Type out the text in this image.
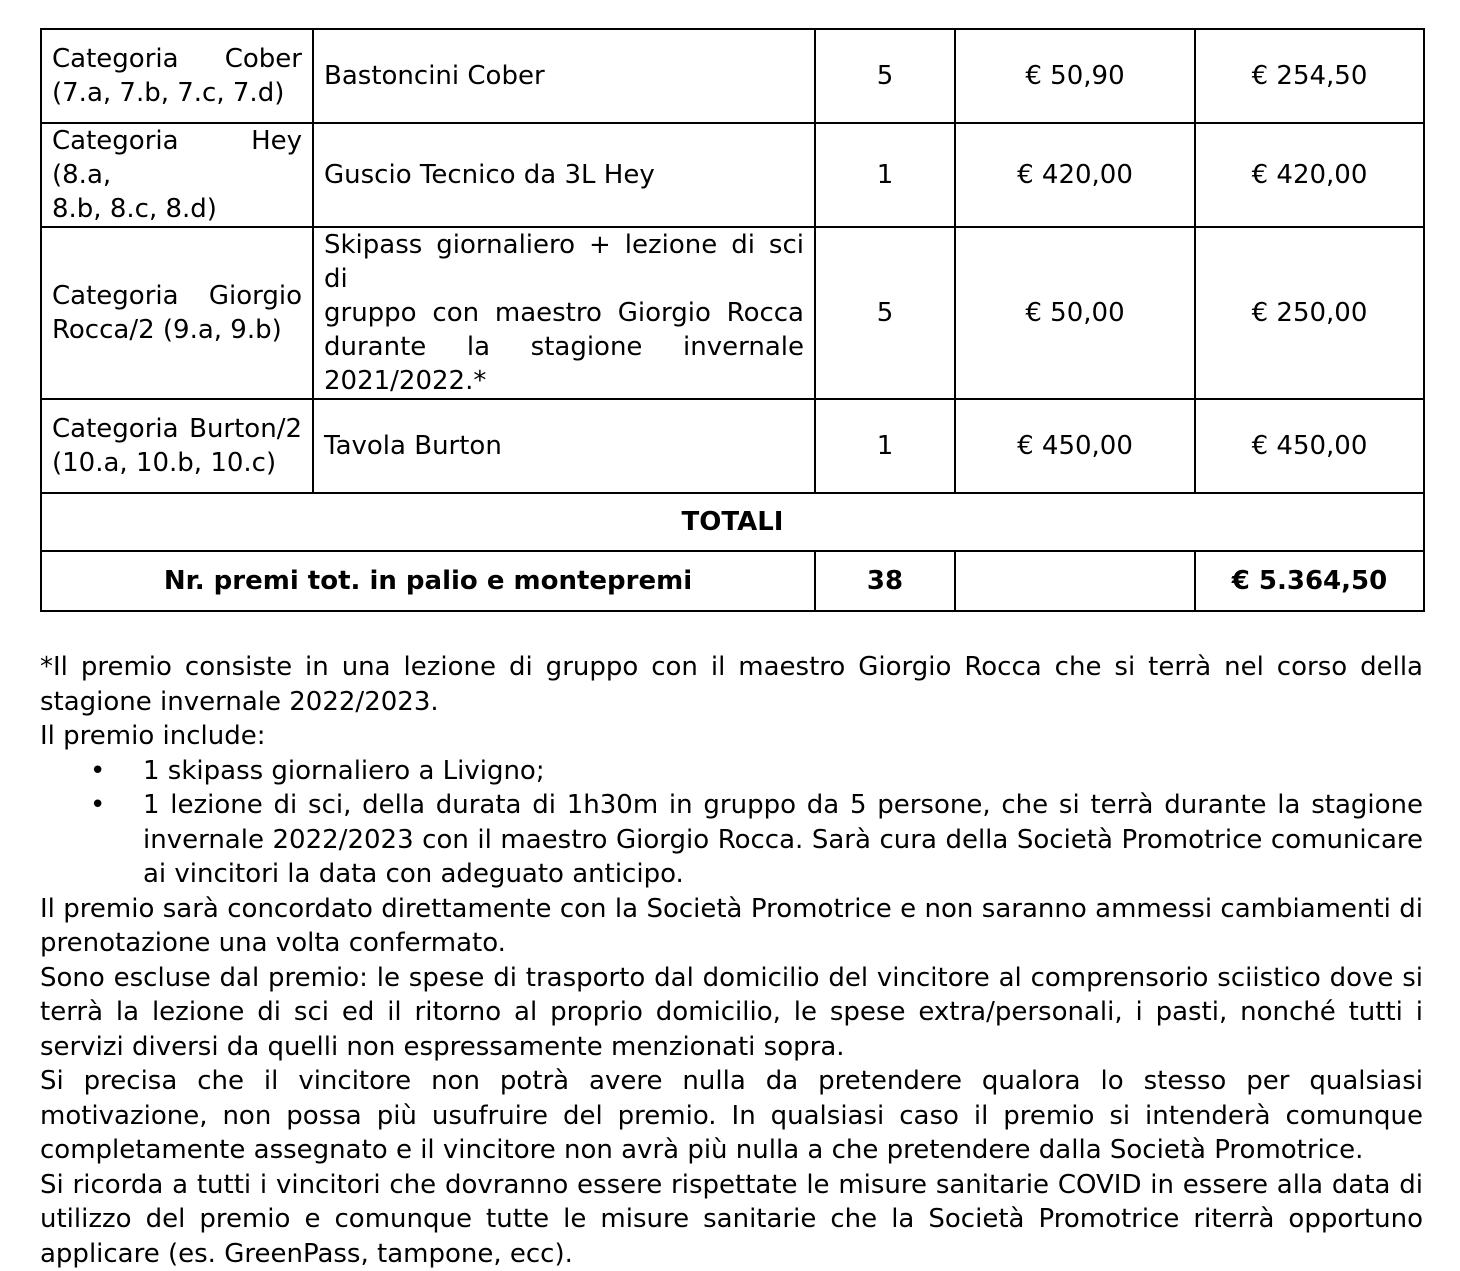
Categoria Cober
(7.a, 7.b, 7.c, 7.d)	Bastoncini Cober	5	€ 50,90	€ 254,50

Categoria Hey (8.a,
8.b, 8.c, 8.d)	Guscio Tecnico da 3L Hey	1	€ 420,00	€ 420,00

Categoria Giorgio
Rocca/2 (9.a, 9.b)	Skipass giornaliero + lezione di sci di
gruppo con maestro Giorgio Rocca
durante la stagione invernale
2021/2022.*	5	€ 50,00	€ 250,00

Categoria Burton/2
(10.a, 10.b, 10.c)	Tavola Burton	1	€ 450,00	€ 450,00
TOTALI				
Nr. premi tot. in palio e montepremi		38		€ 5.364,50

*Il premio consiste in una lezione di gruppo con il maestro Giorgio Rocca che si terrà nel corso della stagione invernale 2022/2023.

Il premio include:

• 1 skipass giornaliero a Livigno;
• 1 lezione di sci, della durata di 1h30m in gruppo da 5 persone, che si terrà durante la stagione invernale 2022/2023 con il maestro Giorgio Rocca. Sarà cura della Società Promotrice comunicare ai vincitori la data con adeguato anticipo.

Il premio sarà concordato direttamente con la Società Promotrice e non saranno ammessi cambiamenti di prenotazione una volta confermato.

Sono escluse dal premio: le spese di trasporto dal domicilio del vincitore al comprensorio sciistico dove si terrà la lezione di sci ed il ritorno al proprio domicilio, le spese extra/personali, i pasti, nonché tutti i servizi diversi da quelli non espressamente menzionati sopra.

Si precisa che il vincitore non potrà avere nulla da pretendere qualora lo stesso per qualsiasi motivazione, non possa più usufruire del premio. In qualsiasi caso il premio si intenderà comunque completamente assegnato e il vincitore non avrà più nulla a che pretendere dalla Società Promotrice.

Si ricorda a tutti i vincitori che dovranno essere rispettate le misure sanitarie COVID in essere alla data di utilizzo del premio e comunque tutte le misure sanitarie che la Società Promotrice riterrà opportuno applicare (es. GreenPass, tampone, ecc).
